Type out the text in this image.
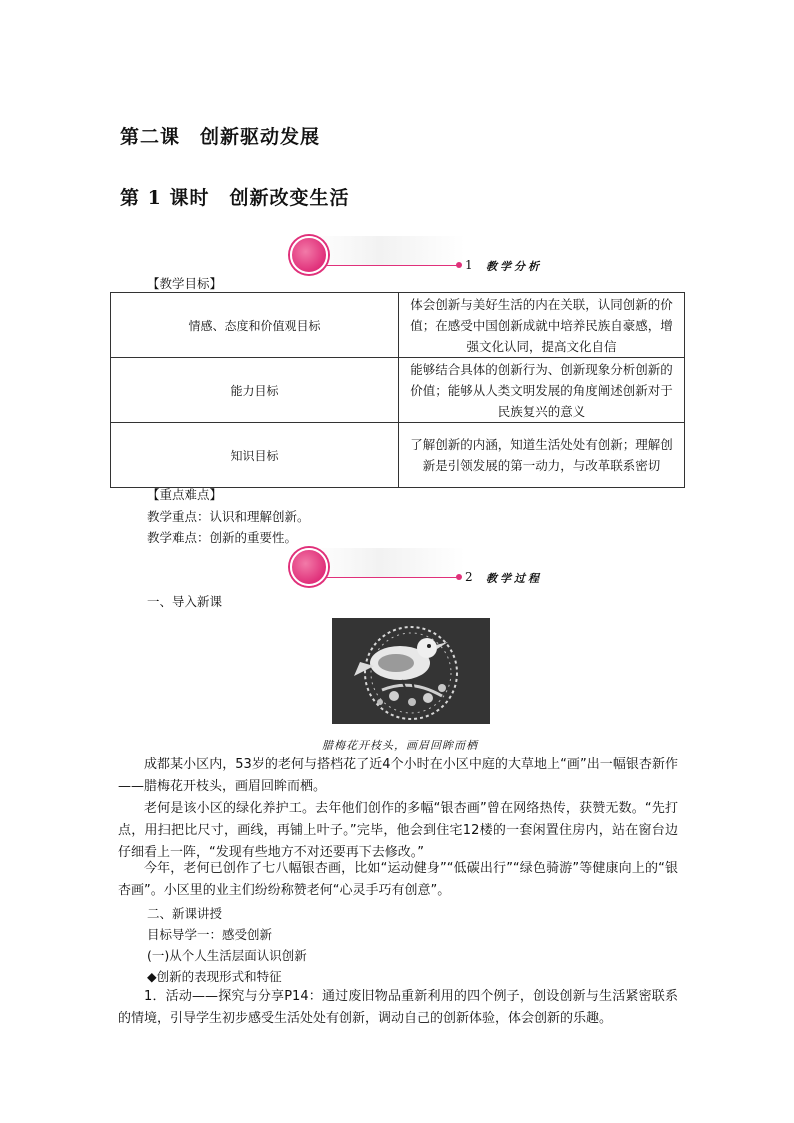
第二课　创新驱动发展
第 1 课时　创新改变生活
1 教学分析
【教学目标】
情感、态度和价值观目标	体会创新与美好生活的内在关联，认同创新的价值；在感受中国创新成就中培养民族自豪感，增强文化认同，提高文化自信
能力目标	能够结合具体的创新行为、创新现象分析创新的价值；能够从人类文明发展的角度阐述创新对于民族复兴的意义
知识目标	了解创新的内涵，知道生活处处有创新；理解创新是引领发展的第一动力，与改革联系密切
【重点难点】
教学重点：认识和理解创新。
教学难点：创新的重要性。
2 教学过程
一、导入新课
腊梅花开枝头，画眉回眸而栖
成都某小区内，53岁的老何与搭档花了近4个小时在小区中庭的大草地上“画”出一幅银杏新作——腊梅花开枝头，画眉回眸而栖。
老何是该小区的绿化养护工。去年他们创作的多幅“银杏画”曾在网络热传，获赞无数。“先打点，用扫把比尺寸，画线，再铺上叶子。”完毕，他会到住宅12楼的一套闲置住房内，站在窗台边仔细看上一阵，“发现有些地方不对还要再下去修改。”
今年，老何已创作了七八幅银杏画，比如“运动健身”“低碳出行”“绿色骑游”等健康向上的“银杏画”。小区里的业主们纷纷称赞老何“心灵手巧有创意”。
二、新课讲授
目标导学一：感受创新
(一)从个人生活层面认识创新
◆创新的表现形式和特征
1．活动——探究与分享P14：通过废旧物品重新利用的四个例子，创设创新与生活紧密联系的情境，引导学生初步感受生活处处有创新，调动自己的创新体验，体会创新的乐趣。
